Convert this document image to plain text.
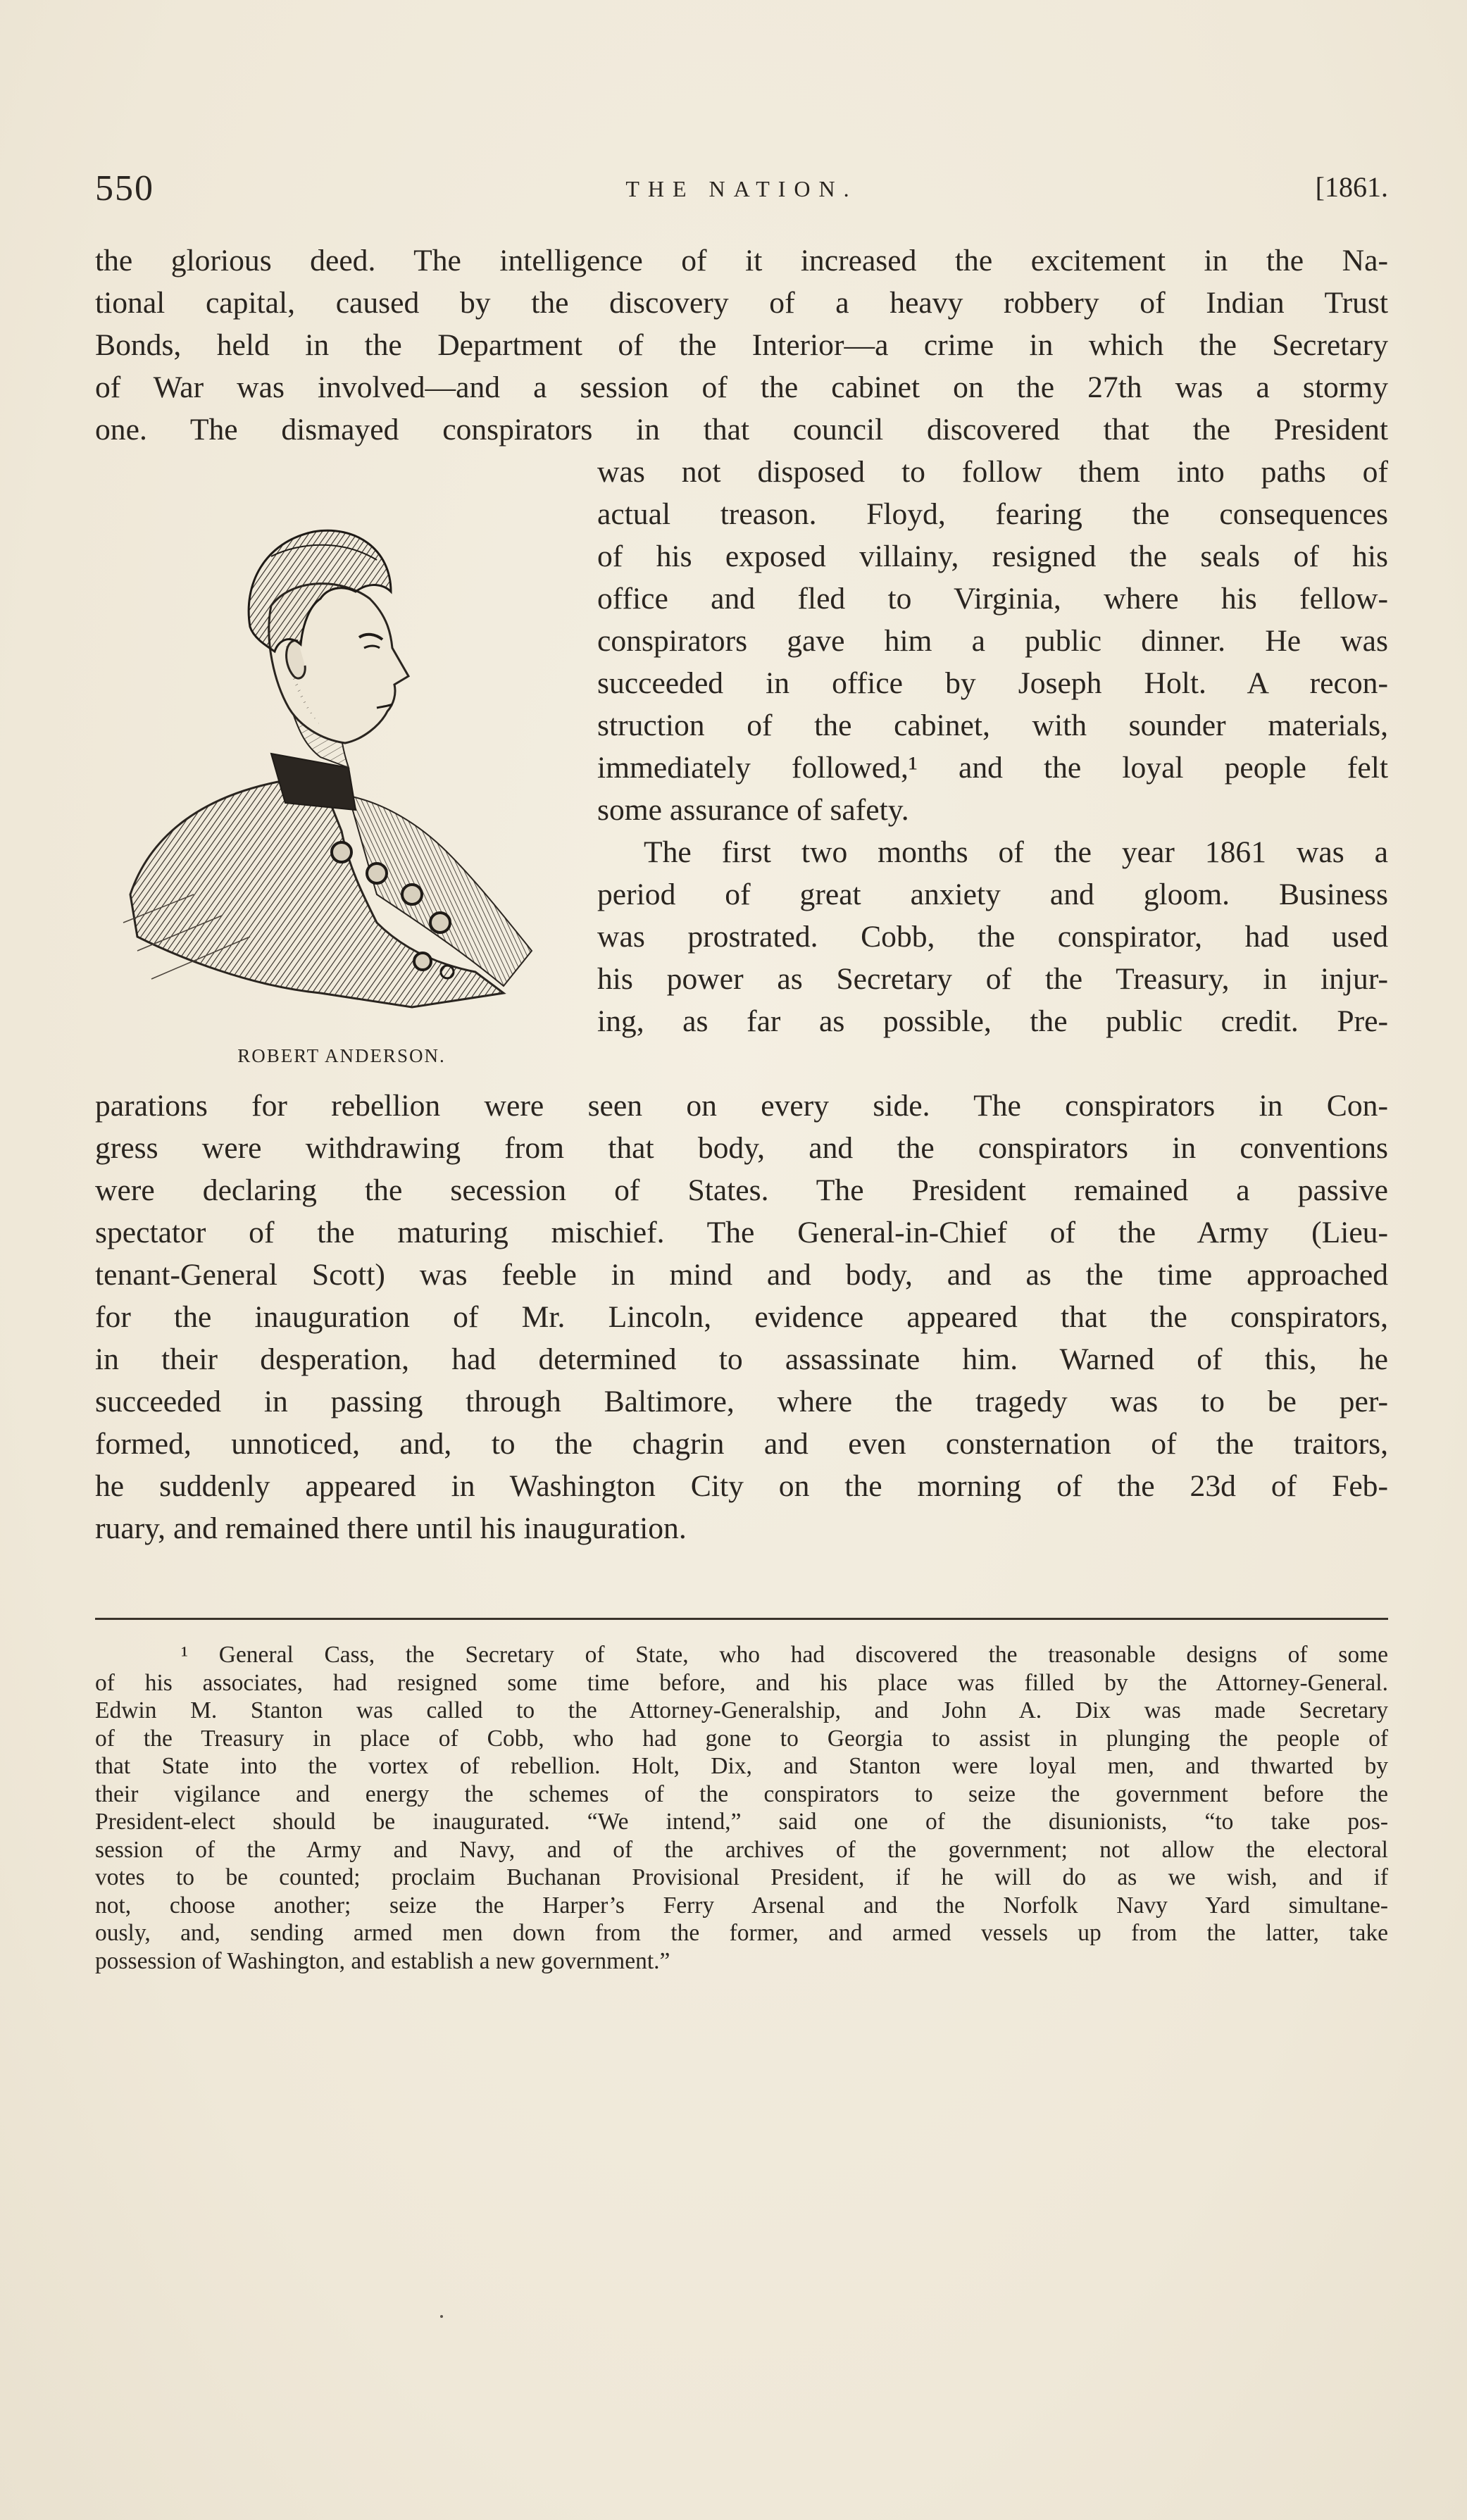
550	THE NATION.	[1861.
the glorious deed. The intelligence of it increased the excitement in the Na-
tional capital, caused by the discovery of a heavy robbery of Indian Trust
Bonds, held in the Department of the Interior—a crime in which the Secretary
of War was involved—and a session of the cabinet on the 27th was a stormy
one. The dismayed conspirators in that council discovered that the President
ROBERT ANDERSON.
was not disposed to follow them into paths of
actual treason. Floyd, fearing the consequences
of his exposed villainy, resigned the seals of his
office and fled to Virginia, where his fellow-
conspirators gave him a public dinner. He was
succeeded in office by Joseph Holt. A recon-
struction of the cabinet, with sounder materials,
immediately followed,¹ and the loyal people felt
some assurance of safety.
The first two months of the year 1861 was a
period of great anxiety and gloom. Business
was prostrated. Cobb, the conspirator, had used
his power as Secretary of the Treasury, in injur-
ing, as far as possible, the public credit. Pre-
parations for rebellion were seen on every side. The conspirators in Con-
gress were withdrawing from that body, and the conspirators in conventions
were declaring the secession of States. The President remained a passive
spectator of the maturing mischief. The General-in-Chief of the Army (Lieu-
tenant-General Scott) was feeble in mind and body, and as the time approached
for the inauguration of Mr. Lincoln, evidence appeared that the conspirators,
in their desperation, had determined to assassinate him. Warned of this, he
succeeded in passing through Baltimore, where the tragedy was to be per-
formed, unnoticed, and, to the chagrin and even consternation of the traitors,
he suddenly appeared in Washington City on the morning of the 23d of Feb-
ruary, and remained there until his inauguration.
¹ General Cass, the Secretary of State, who had discovered the treasonable designs of some
of his associates, had resigned some time before, and his place was filled by the Attorney-General.
Edwin M. Stanton was called to the Attorney-Generalship, and John A. Dix was made Secretary
of the Treasury in place of Cobb, who had gone to Georgia to assist in plunging the people of
that State into the vortex of rebellion. Holt, Dix, and Stanton were loyal men, and thwarted by
their vigilance and energy the schemes of the conspirators to seize the government before the
President-elect should be inaugurated. “We intend,” said one of the disunionists, “to take pos-
session of the Army and Navy, and of the archives of the government; not allow the electoral
votes to be counted; proclaim Buchanan Provisional President, if he will do as we wish, and if
not, choose another; seize the Harper’s Ferry Arsenal and the Norfolk Navy Yard simultane-
ously, and, sending armed men down from the former, and armed vessels up from the latter, take
possession of Washington, and establish a new government.”
